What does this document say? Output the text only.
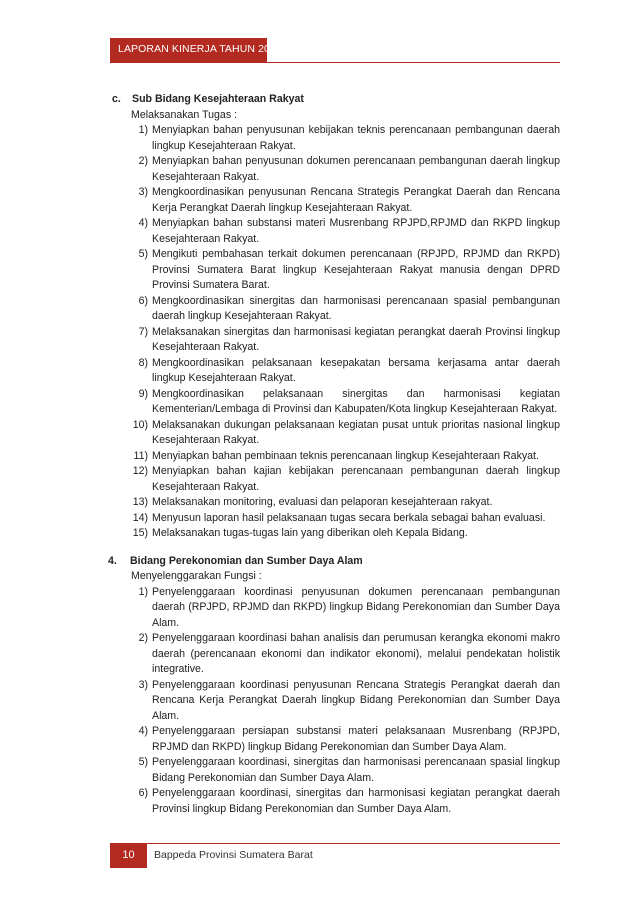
LAPORAN KINERJA TAHUN 2021
c.	Sub Bidang Kesejahteraan Rakyat
Melaksanakan Tugas :
1) Menyiapkan bahan penyusunan kebijakan teknis perencanaan pembangunan daerah lingkup Kesejahteraan Rakyat.
2) Menyiapkan bahan penyusunan dokumen perencanaan pembangunan daerah lingkup Kesejahteraan Rakyat.
3) Mengkoordinasikan penyusunan Rencana Strategis Perangkat Daerah dan Rencana Kerja Perangkat Daerah lingkup Kesejahteraan Rakyat.
4) Menyiapkan bahan substansi materi Musrenbang RPJPD,RPJMD dan RKPD lingkup Kesejahteraan Rakyat.
5) Mengikuti pembahasan terkait dokumen perencanaan (RPJPD, RPJMD dan RKPD) Provinsi Sumatera Barat lingkup Kesejahteraan Rakyat manusia dengan DPRD Provinsi Sumatera Barat.
6) Mengkoordinasikan sinergitas dan harmonisasi perencanaan spasial pembangunan daerah lingkup Kesejahteraan Rakyat.
7) Melaksanakan sinergitas dan harmonisasi kegiatan perangkat daerah Provinsi lingkup Kesejahteraan Rakyat.
8) Mengkoordinasikan pelaksanaan kesepakatan bersama kerjasama antar daerah lingkup Kesejahteraan Rakyat.
9) Mengkoordinasikan pelaksanaan sinergitas dan harmonisasi kegiatan Kementerian/Lembaga di Provinsi dan Kabupaten/Kota lingkup Kesejahteraan Rakyat.
10) Melaksanakan dukungan pelaksanaan kegiatan pusat untuk prioritas nasional lingkup Kesejahteraan Rakyat.
11) Menyiapkan bahan pembinaan teknis perencanaan lingkup Kesejahteraan Rakyat.
12) Menyiapkan bahan kajian kebijakan perencanaan pembangunan daerah lingkup Kesejahteraan Rakyat.
13) Melaksanakan monitoring, evaluasi dan pelaporan kesejahteraan rakyat.
14) Menyusun laporan hasil pelaksanaan tugas secara berkala sebagai bahan evaluasi.
15) Melaksanakan tugas-tugas lain yang diberikan oleh Kepala Bidang.
4.	Bidang Perekonomian dan Sumber Daya Alam
Menyelenggarakan Fungsi :
1) Penyelenggaraan koordinasi penyusunan dokumen perencanaan pembangunan daerah (RPJPD, RPJMD dan RKPD) lingkup Bidang Perekonomian dan Sumber Daya Alam.
2) Penyelenggaraan koordinasi bahan analisis dan perumusan kerangka ekonomi makro daerah (perencanaan ekonomi dan indikator ekonomi), melalui pendekatan holistik integrative.
3) Penyelenggaraan koordinasi penyusunan Rencana Strategis Perangkat daerah dan Rencana Kerja Perangkat Daerah lingkup Bidang Perekonomian dan Sumber Daya Alam.
4) Penyelenggaraan persiapan substansi materi pelaksanaan Musrenbang (RPJPD, RPJMD dan RKPD) lingkup Bidang Perekonomian dan Sumber Daya Alam.
5) Penyelenggaraan koordinasi, sinergitas dan harmonisasi perencanaan spasial lingkup Bidang Perekonomian dan Sumber Daya Alam.
6) Penyelenggaraan koordinasi, sinergitas dan harmonisasi kegiatan perangkat daerah Provinsi lingkup Bidang Perekonomian dan Sumber Daya Alam.
10	Bappeda Provinsi Sumatera Barat
